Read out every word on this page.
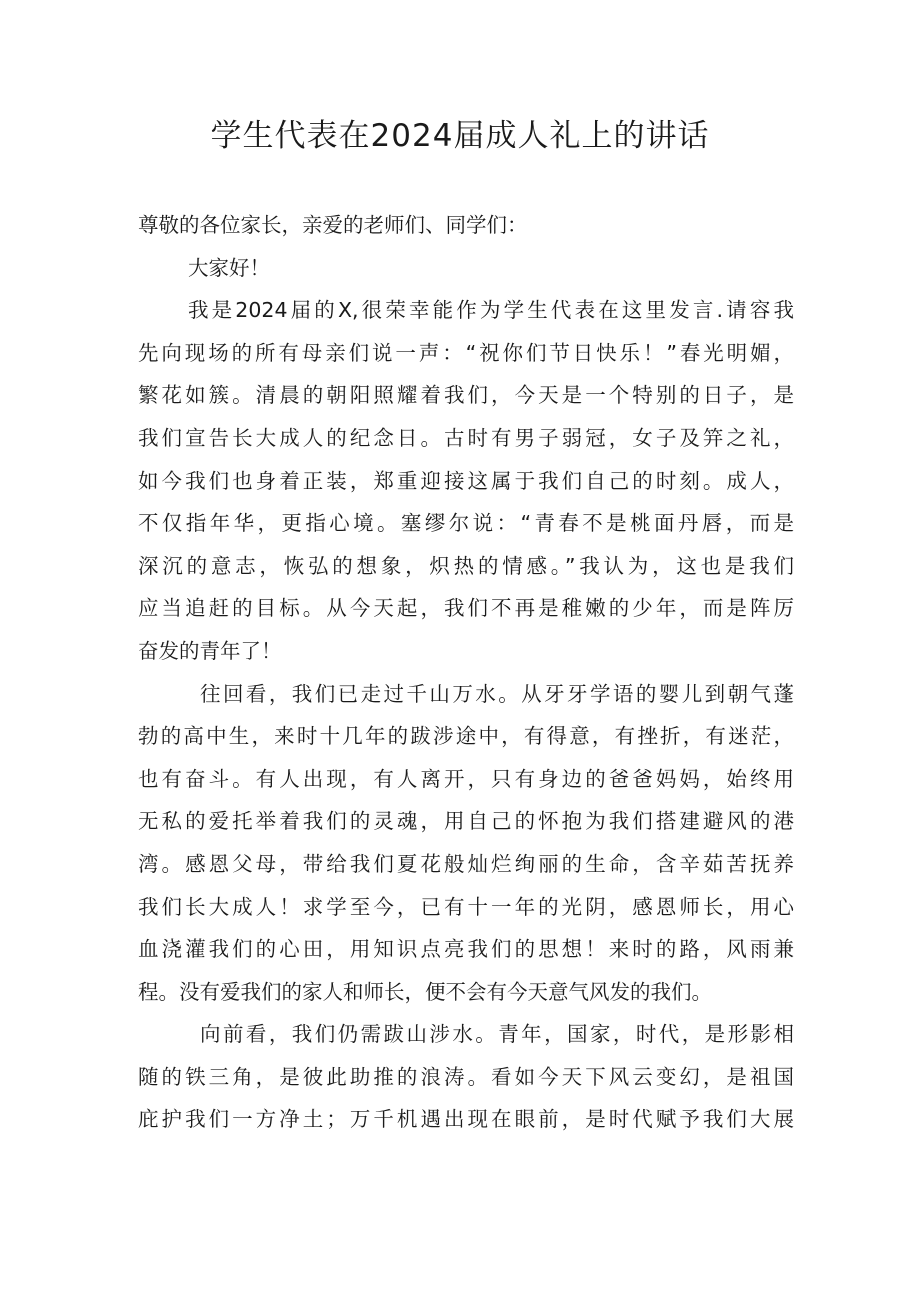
学生代表在2024届成人礼上的讲话
尊敬的各位家长，亲爱的老师们、同学们：
大家好！
我是2024届的X,很荣幸能作为学生代表在这里发言.请容我
先向现场的所有母亲们说一声：“祝你们节日快乐！”春光明媚，
繁花如簇。清晨的朝阳照耀着我们，今天是一个特别的日子，是
我们宣告长大成人的纪念日。古时有男子弱冠，女子及笄之礼，
如今我们也身着正装，郑重迎接这属于我们自己的时刻。成人，
不仅指年华，更指心境。塞缪尔说：“青春不是桃面丹唇，而是
深沉的意志，恢弘的想象，炽热的情感。”我认为，这也是我们
应当追赶的目标。从今天起，我们不再是稚嫩的少年，而是阵厉
奋发的青年了！
往回看，我们已走过千山万水。从牙牙学语的婴儿到朝气蓬
勃的高中生，来时十几年的跋涉途中，有得意，有挫折，有迷茫，
也有奋斗。有人出现，有人离开，只有身边的爸爸妈妈，始终用
无私的爱托举着我们的灵魂，用自己的怀抱为我们搭建避风的港
湾。感恩父母，带给我们夏花般灿烂绚丽的生命，含辛茹苦抚养
我们长大成人！求学至今，已有十一年的光阴，感恩师长，用心
血浇灌我们的心田，用知识点亮我们的思想！来时的路，风雨兼
程。没有爱我们的家人和师长，便不会有今天意气风发的我们。
向前看，我们仍需跋山涉水。青年，国家，时代，是形影相
随的铁三角，是彼此助推的浪涛。看如今天下风云变幻，是祖国
庇护我们一方净土；万千机遇出现在眼前，是时代赋予我们大展
